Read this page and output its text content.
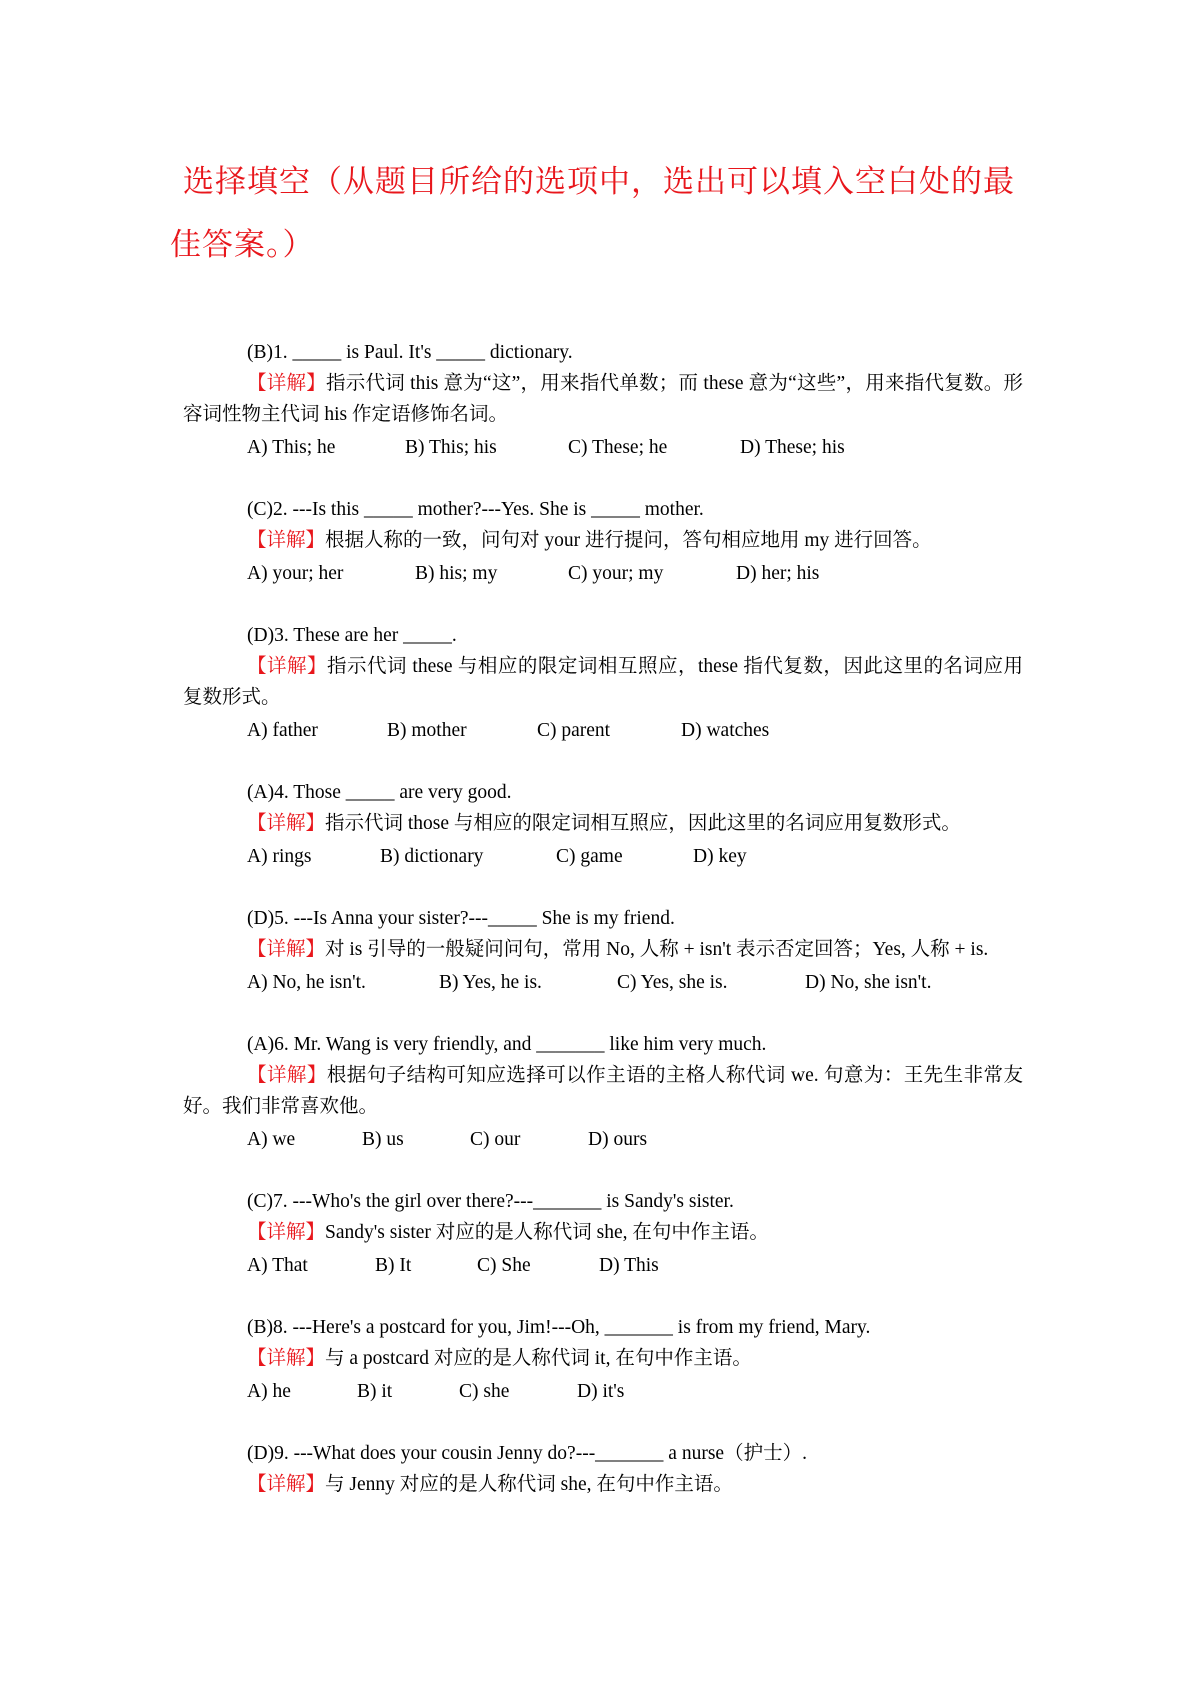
选择填空（从题目所给的选项中，选出可以填入空白处的最佳答案。）
(B)1. _____ is Paul. It's _____ dictionary.
【详解】指示代词 this 意为“这”，用来指代单数；而 these 意为“这些”，用来指代复数。形容词性物主代词 his 作定语修饰名词。
A) This; he	B) This; his	C) These; he	D) These; his
(C)2. ---Is this _____ mother?---Yes. She is _____ mother.
【详解】根据人称的一致，问句对 your 进行提问，答句相应地用 my 进行回答。
A) your; her	B) his; my	C) your; my	D) her; his
(D)3. These are her _____.
【详解】指示代词 these 与相应的限定词相互照应，these 指代复数，因此这里的名词应用复数形式。
A) father	B) mother	C) parent	D) watches
(A)4. Those _____ are very good.
【详解】指示代词 those 与相应的限定词相互照应，因此这里的名词应用复数形式。
A) rings	B) dictionary	C) game	D) key
(D)5. ---Is Anna your sister?---_____ She is my friend.
【详解】对 is 引导的一般疑问问句，常用 No, 人称 + isn't 表示否定回答；Yes, 人称 + is.
A) No, he isn't.	B) Yes, he is.	C) Yes, she is.	D) No, she isn't.
(A)6. Mr. Wang is very friendly, and _______ like him very much.
【详解】根据句子结构可知应选择可以作主语的主格人称代词 we. 句意为：王先生非常友好。我们非常喜欢他。
A) we	B) us	C) our	D) ours
(C)7. ---Who's the girl over there?---_______ is Sandy's sister.
【详解】Sandy's sister 对应的是人称代词 she, 在句中作主语。
A) That	B) It	C) She	D) This
(B)8. ---Here's a postcard for you, Jim!---Oh, _______ is from my friend, Mary.
【详解】与 a postcard 对应的是人称代词 it, 在句中作主语。
A) he	B) it	C) she	D) it's
(D)9. ---What does your cousin Jenny do?---_______ a nurse（护士）.
【详解】与 Jenny 对应的是人称代词 she, 在句中作主语。
